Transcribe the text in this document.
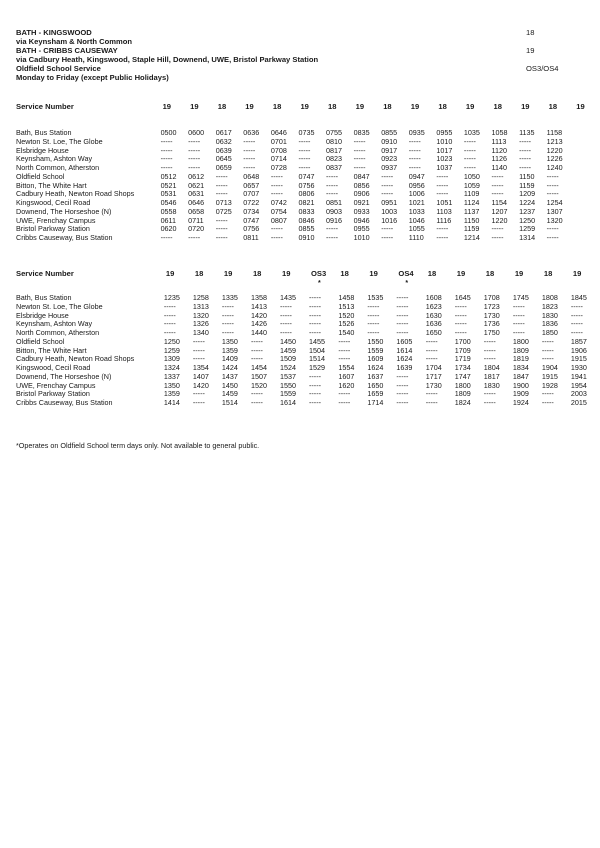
BATH - KINGSWOOD	18
via Keynsham & North Common
BATH - CRIBBS CAUSEWAY	19
via Cadbury Heath, Kingswood, Staple Hill, Downend, UWE, Bristol Parkway Station
Oldfield School Service	OS3/OS4
Monday to Friday (except Public Holidays)
Service Number	19	19	18	19	18	19	18	19	18	19	18	19	18	19	18	19

Bath, Bus Station	0500	0600	0617	0636	0646	0735	0755	0835	0855	0935	0955	1035	1058	1135	1158	
Newton St. Loe, The Globe	-----	-----	0632	-----	0701	-----	0810	-----	0910	-----	1010	-----	1113	-----	1213	
Elsbridge House	-----	-----	0639	-----	0708	-----	0817	-----	0917	-----	1017	-----	1120	-----	1220	
Keynsham, Ashton Way	-----	-----	0645	-----	0714	-----	0823	-----	0923	-----	1023	-----	1126	-----	1226	
North Common, Atherston	-----	-----	0659	-----	0728	-----	0837	-----	0937	-----	1037	-----	1140	-----	1240	
Oldfield School	0512	0612	-----	0648	-----	0747	-----	0847	-----	0947	-----	1050	-----	1150	-----	
Bitton, The White Hart	0521	0621	-----	0657	-----	0756	-----	0856	-----	0956	-----	1059	-----	1159	-----	
Cadbury Heath, Newton Road Shops	0531	0631	-----	0707	-----	0806	-----	0906	-----	1006	-----	1109	-----	1209	-----	
Kingswood, Cecil Road	0546	0646	0713	0722	0742	0821	0851	0921	0951	1021	1051	1124	1154	1224	1254	
Downend, The Horseshoe (N)	0558	0658	0725	0734	0754	0833	0903	0933	1003	1033	1103	1137	1207	1237	1307	
UWE, Frenchay Campus	0611	0711	-----	0747	0807	0846	0916	0946	1016	1046	1116	1150	1220	1250	1320	
Bristol Parkway Station	0620	0720	-----	0756	-----	0855	-----	0955	-----	1055	-----	1159	-----	1259	-----	
Cribbs Causeway, Bus Station	-----	-----	-----	0811	-----	0910	-----	1010	-----	1110	-----	1214	-----	1314	-----	
Service Number	19	18	19	18	19	OS3	18	19	OS4	18	19	18	19	18	19
						*			*						

Bath, Bus Station	1235	1258	1335	1358	1435	-----	1458	1535	-----	1608	1645	1708	1745	1808	1845
Newton St. Loe, The Globe	-----	1313	-----	1413	-----	-----	1513	-----	-----	1623	-----	1723	-----	1823	-----
Elsbridge House	-----	1320	-----	1420	-----	-----	1520	-----	-----	1630	-----	1730	-----	1830	-----
Keynsham, Ashton Way	-----	1326	-----	1426	-----	-----	1526	-----	-----	1636	-----	1736	-----	1836	-----
North Common, Atherston	-----	1340	-----	1440	-----	-----	1540	-----	-----	1650	-----	1750	-----	1850	-----
Oldfield School	1250	-----	1350	-----	1450	1455	-----	1550	1605	-----	1700	-----	1800	-----	1857
Bitton, The White Hart	1259	-----	1359	-----	1459	1504	-----	1559	1614	-----	1709	-----	1809	-----	1906
Cadbury Heath, Newton Road Shops	1309	-----	1409	-----	1509	1514	-----	1609	1624	-----	1719	-----	1819	-----	1915
Kingswood, Cecil Road	1324	1354	1424	1454	1524	1529	1554	1624	1639	1704	1734	1804	1834	1904	1930
Downend, The Horseshoe (N)	1337	1407	1437	1507	1537	-----	1607	1637	-----	1717	1747	1817	1847	1915	1941
UWE, Frenchay Campus	1350	1420	1450	1520	1550	-----	1620	1650	-----	1730	1800	1830	1900	1928	1954
Bristol Parkway Station	1359	-----	1459	-----	1559	-----	-----	1659	-----	-----	1809	-----	1909	-----	2003
Cribbs Causeway, Bus Station	1414	-----	1514	-----	1614	-----	-----	1714	-----	-----	1824	-----	1924	-----	2015
*Operates on Oldfield School term days only. Not available to general public.
